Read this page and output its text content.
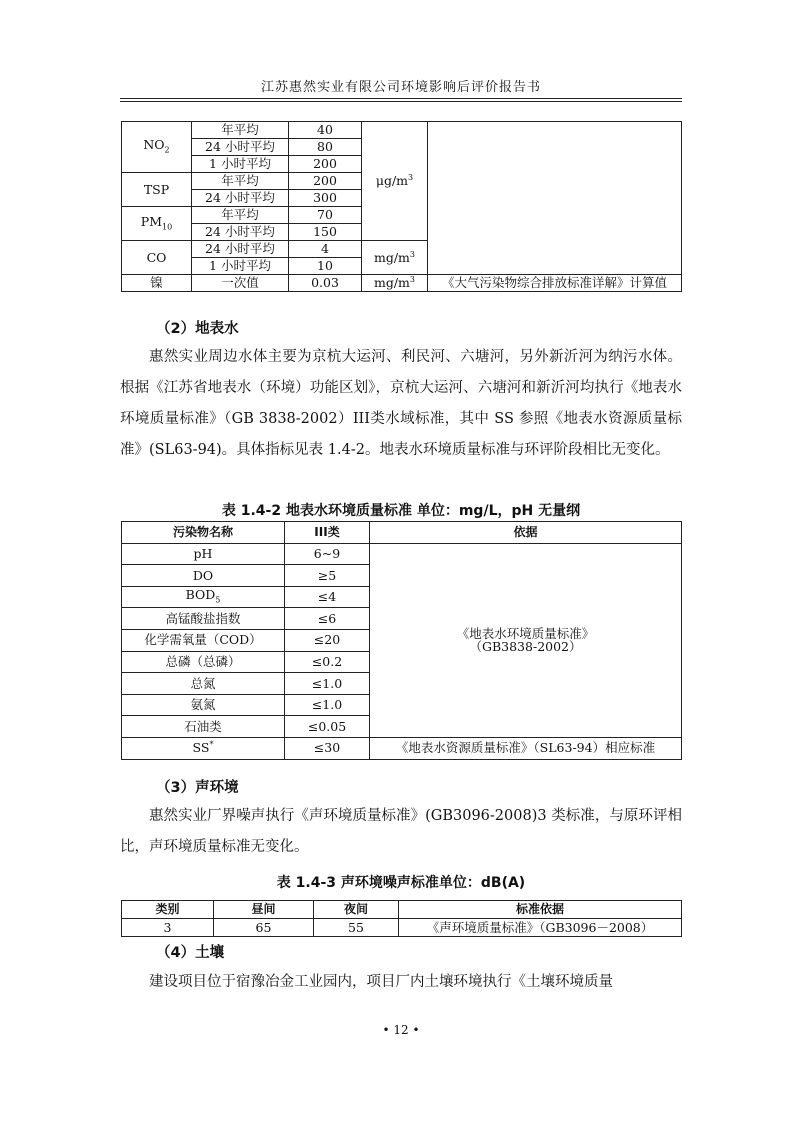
江苏惠然实业有限公司环境影响后评价报告书
$NO_2$	年平均	40	$\mu g/m^3$	
	24 小时平均	80		
	1 小时平均	200		
TSP	年平均	200		
	24 小时平均	300		
$PM_{10}$	年平均	70		
	24 小时平均	150		
CO	24 小时平均	4	$mg/m^3$
	1 小时平均	10		
镍	一次值	0.03	$mg/m^3$	《大气污染物综合排放标准详解》计算值
（2）地表水
惠然实业周边水体主要为京杭大运河、利民河、六塘河，另外新沂河为纳污水体。根据《江苏省地表水（环境）功能区划》，京杭大运河、六塘河和新沂河均执行《地表水环境质量标准》（GB 3838-2002）III类水域标准，其中 SS 参照《地表水资源质量标准》(SL63-94)。具体指标见表 1.4-2。地表水环境质量标准与环评阶段相比无变化。
表 1.4-2 地表水环境质量标准 单位：mg/L，pH 无量纲
污染物名称	III类	依据
pH	6~9	《地表水环境质量标准》
（GB3838-2002）

DO	≥5	
$BOD_5$	≤4	
高锰酸盐指数	≤6	
化学需氧量（COD）	≤20	
总磷（总磷）	≤0.2	
总氮	≤1.0	
氨氮	≤1.0	
石油类	≤0.05	
SS*	≤30	《地表水资源质量标准》（SL63-94）相应标准
（3）声环境
惠然实业厂界噪声执行《声环境质量标准》(GB3096-2008)3 类标准，与原环评相比，声环境质量标准无变化。
表 1.4-3 声环境噪声标准单位：dB(A)
类别	昼间	夜间	标准依据
3	65	55	《声环境质量标准》（GB3096－2008）
（4）土壤
建设项目位于宿豫冶金工业园内，项目厂内土壤环境执行《土壤环境质量
• 12 •
